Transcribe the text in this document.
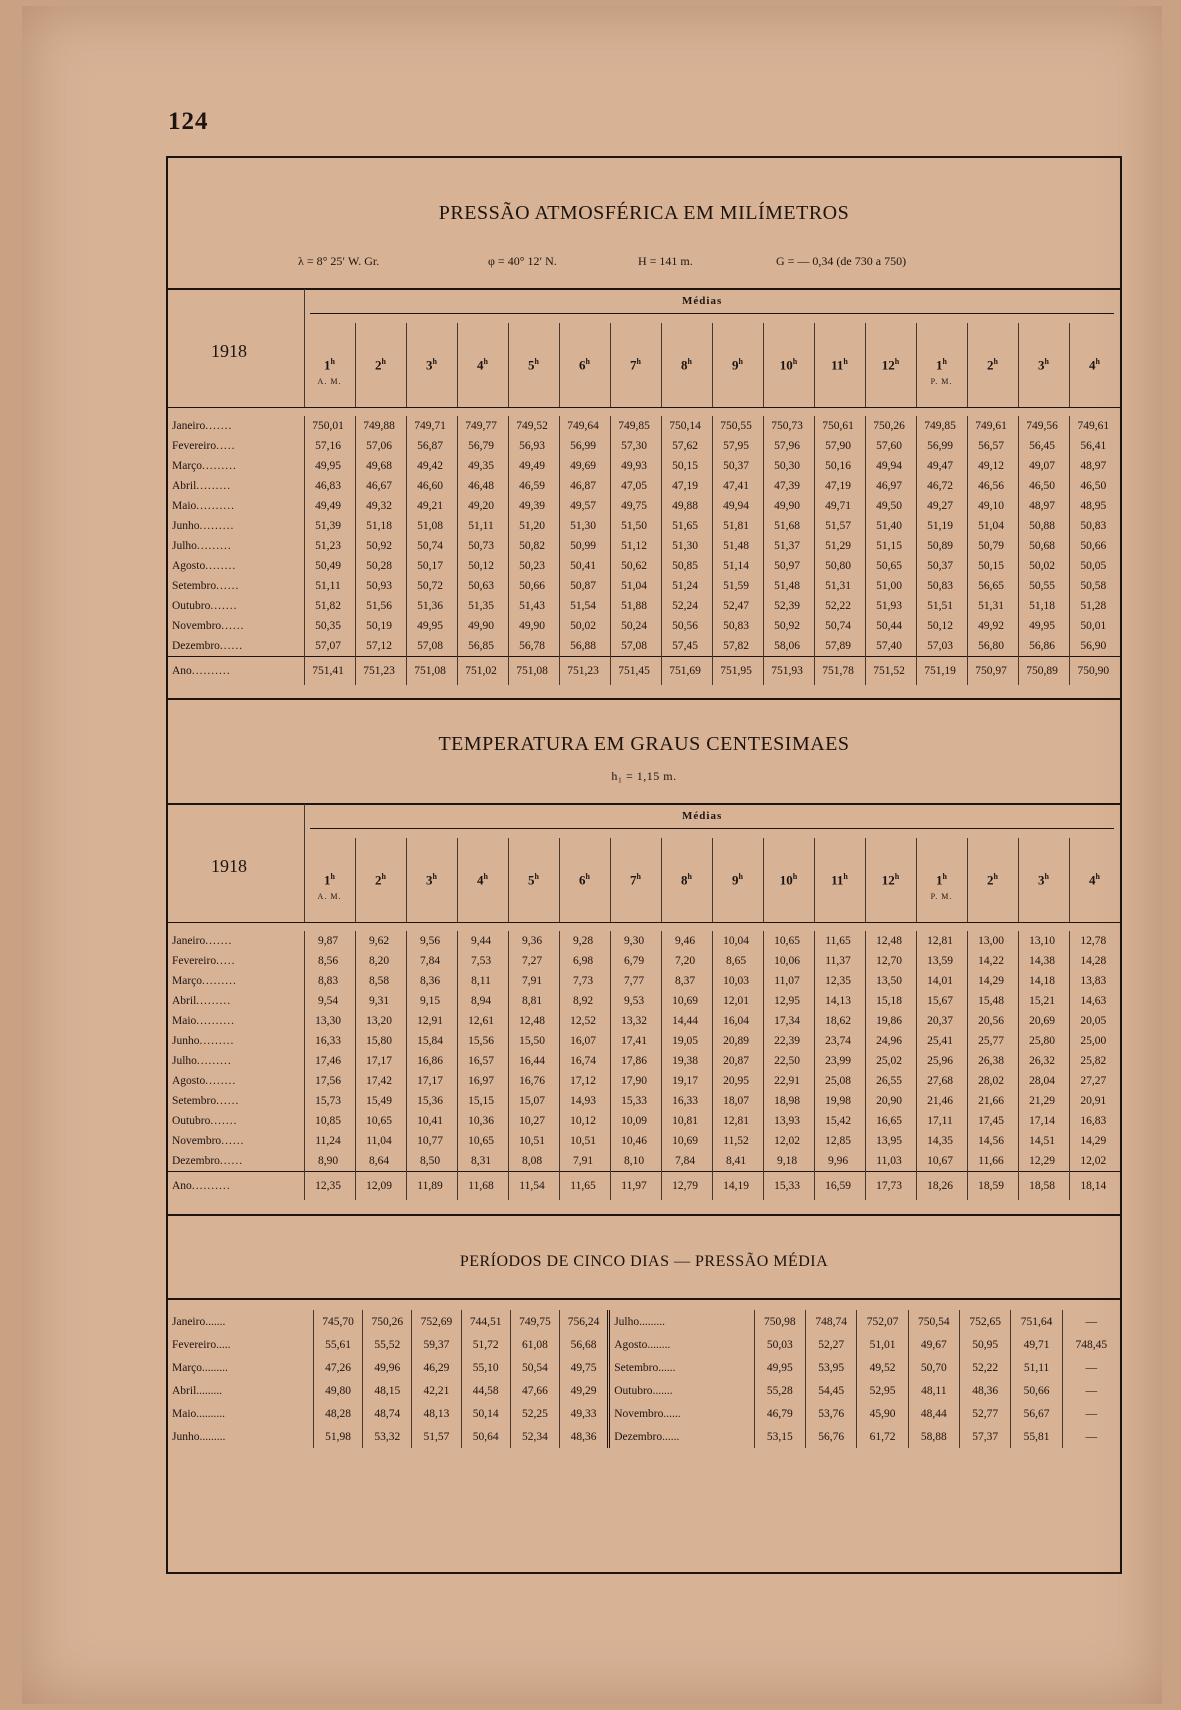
124
PRESSÃO ATMOSFÉRICA EM MILÍMETROS
λ = 8° 25′ W. Gr.	φ = 40° 12′ N.	H = 141 m.	G = — 0,34 (de 730 a 750)
1918
Médias
1$^h$
A. M.
2$^h$	3$^h$	4$^h$	5$^h$	6$^h$	7$^h$	8$^h$	9$^h$	10$^h$	11$^h$	12$^h$	1$^h$
P. M.
2$^h$	3$^h$	4$^h$
Janeiro.......	750,01	749,88	749,71	749,77	749,52	749,64	749,85	750,14	750,55	750,73	750,61	750,26	749,85	749,61	749,56	749,61
Fevereiro.....	57,16	57,06	56,87	56,79	56,93	56,99	57,30	57,62	57,95	57,96	57,90	57,60	56,99	56,57	56,45	56,41
Março.........	49,95	49,68	49,42	49,35	49,49	49,69	49,93	50,15	50,37	50,30	50,16	49,94	49,47	49,12	49,07	48,97
Abril.........	46,83	46,67	46,60	46,48	46,59	46,87	47,05	47,19	47,41	47,39	47,19	46,97	46,72	46,56	46,50	46,50
Maio..........	49,49	49,32	49,21	49,20	49,39	49,57	49,75	49,88	49,94	49,90	49,71	49,50	49,27	49,10	48,97	48,95
Junho.........	51,39	51,18	51,08	51,11	51,20	51,30	51,50	51,65	51,81	51,68	51,57	51,40	51,19	51,04	50,88	50,83
Julho.........	51,23	50,92	50,74	50,73	50,82	50,99	51,12	51,30	51,48	51,37	51,29	51,15	50,89	50,79	50,68	50,66
Agosto........	50,49	50,28	50,17	50,12	50,23	50,41	50,62	50,85	51,14	50,97	50,80	50,65	50,37	50,15	50,02	50,05
Setembro......	51,11	50,93	50,72	50,63	50,66	50,87	51,04	51,24	51,59	51,48	51,31	51,00	50,83	56,65	50,55	50,58
Outubro.......	51,82	51,56	51,36	51,35	51,43	51,54	51,88	52,24	52,47	52,39	52,22	51,93	51,51	51,31	51,18	51,28
Novembro......	50,35	50,19	49,95	49,90	49,90	50,02	50,24	50,56	50,83	50,92	50,74	50,44	50,12	49,92	49,95	50,01
Dezembro......	57,07	57,12	57,08	56,85	56,78	56,88	57,08	57,45	57,82	58,06	57,89	57,40	57,03	56,80	56,86	56,90
Ano..........	751,41	751,23	751,08	751,02	751,08	751,23	751,45	751,69	751,95	751,93	751,78	751,52	751,19	750,97	750,89	750,90
TEMPERATURA EM GRAUS CENTESIMAES
h₁ = 1,15 m.
1918
Médias
1$^h$
A. M.
2$^h$	3$^h$	4$^h$	5$^h$	6$^h$	7$^h$	8$^h$	9$^h$	10$^h$	11$^h$	12$^h$	1$^h$
P. M.
2$^h$	3$^h$	4$^h$
Janeiro.......	9,87	9,62	9,56	9,44	9,36	9,28	9,30	9,46	10,04	10,65	11,65	12,48	12,81	13,00	13,10	12,78
Fevereiro.....	8,56	8,20	7,84	7,53	7,27	6,98	6,79	7,20	8,65	10,06	11,37	12,70	13,59	14,22	14,38	14,28
Março.........	8,83	8,58	8,36	8,11	7,91	7,73	7,77	8,37	10,03	11,07	12,35	13,50	14,01	14,29	14,18	13,83
Abril.........	9,54	9,31	9,15	8,94	8,81	8,92	9,53	10,69	12,01	12,95	14,13	15,18	15,67	15,48	15,21	14,63
Maio..........	13,30	13,20	12,91	12,61	12,48	12,52	13,32	14,44	16,04	17,34	18,62	19,86	20,37	20,56	20,69	20,05
Junho.........	16,33	15,80	15,84	15,56	15,50	16,07	17,41	19,05	20,89	22,39	23,74	24,96	25,41	25,77	25,80	25,00
Julho.........	17,46	17,17	16,86	16,57	16,44	16,74	17,86	19,38	20,87	22,50	23,99	25,02	25,96	26,38	26,32	25,82
Agosto........	17,56	17,42	17,17	16,97	16,76	17,12	17,90	19,17	20,95	22,91	25,08	26,55	27,68	28,02	28,04	27,27
Setembro......	15,73	15,49	15,36	15,15	15,07	14,93	15,33	16,33	18,07	18,98	19,98	20,90	21,46	21,66	21,29	20,91
Outubro.......	10,85	10,65	10,41	10,36	10,27	10,12	10,09	10,81	12,81	13,93	15,42	16,65	17,11	17,45	17,14	16,83
Novembro......	11,24	11,04	10,77	10,65	10,51	10,51	10,46	10,69	11,52	12,02	12,85	13,95	14,35	14,56	14,51	14,29
Dezembro......	8,90	8,64	8,50	8,31	8,08	7,91	8,10	7,84	8,41	9,18	9,96	11,03	10,67	11,66	12,29	12,02
Ano..........	12,35	12,09	11,89	11,68	11,54	11,65	11,97	12,79	14,19	15,33	16,59	17,73	18,26	18,59	18,58	18,14
PERÍODOS DE CINCO DIAS — PRESSÃO MÉDIA
Janeiro.......	745,70	750,26	752,69	744,51	749,75	756,24	Julho.........	750,98	748,74	752,07	750,54	752,65	751,64	—
Fevereiro.....	55,61	55,52	59,37	51,72	61,08	56,68	Agosto........	50,03	52,27	51,01	49,67	50,95	49,71	748,45
Março.........	47,26	49,96	46,29	55,10	50,54	49,75	Setembro......	49,95	53,95	49,52	50,70	52,22	51,11	—
Abril.........	49,80	48,15	42,21	44,58	47,66	49,29	Outubro.......	55,28	54,45	52,95	48,11	48,36	50,66	—
Maio..........	48,28	48,74	48,13	50,14	52,25	49,33	Novembro......	46,79	53,76	45,90	48,44	52,77	56,67	—
Junho.........	51,98	53,32	51,57	50,64	52,34	48,36	Dezembro......	53,15	56,76	61,72	58,88	57,37	55,81	—
